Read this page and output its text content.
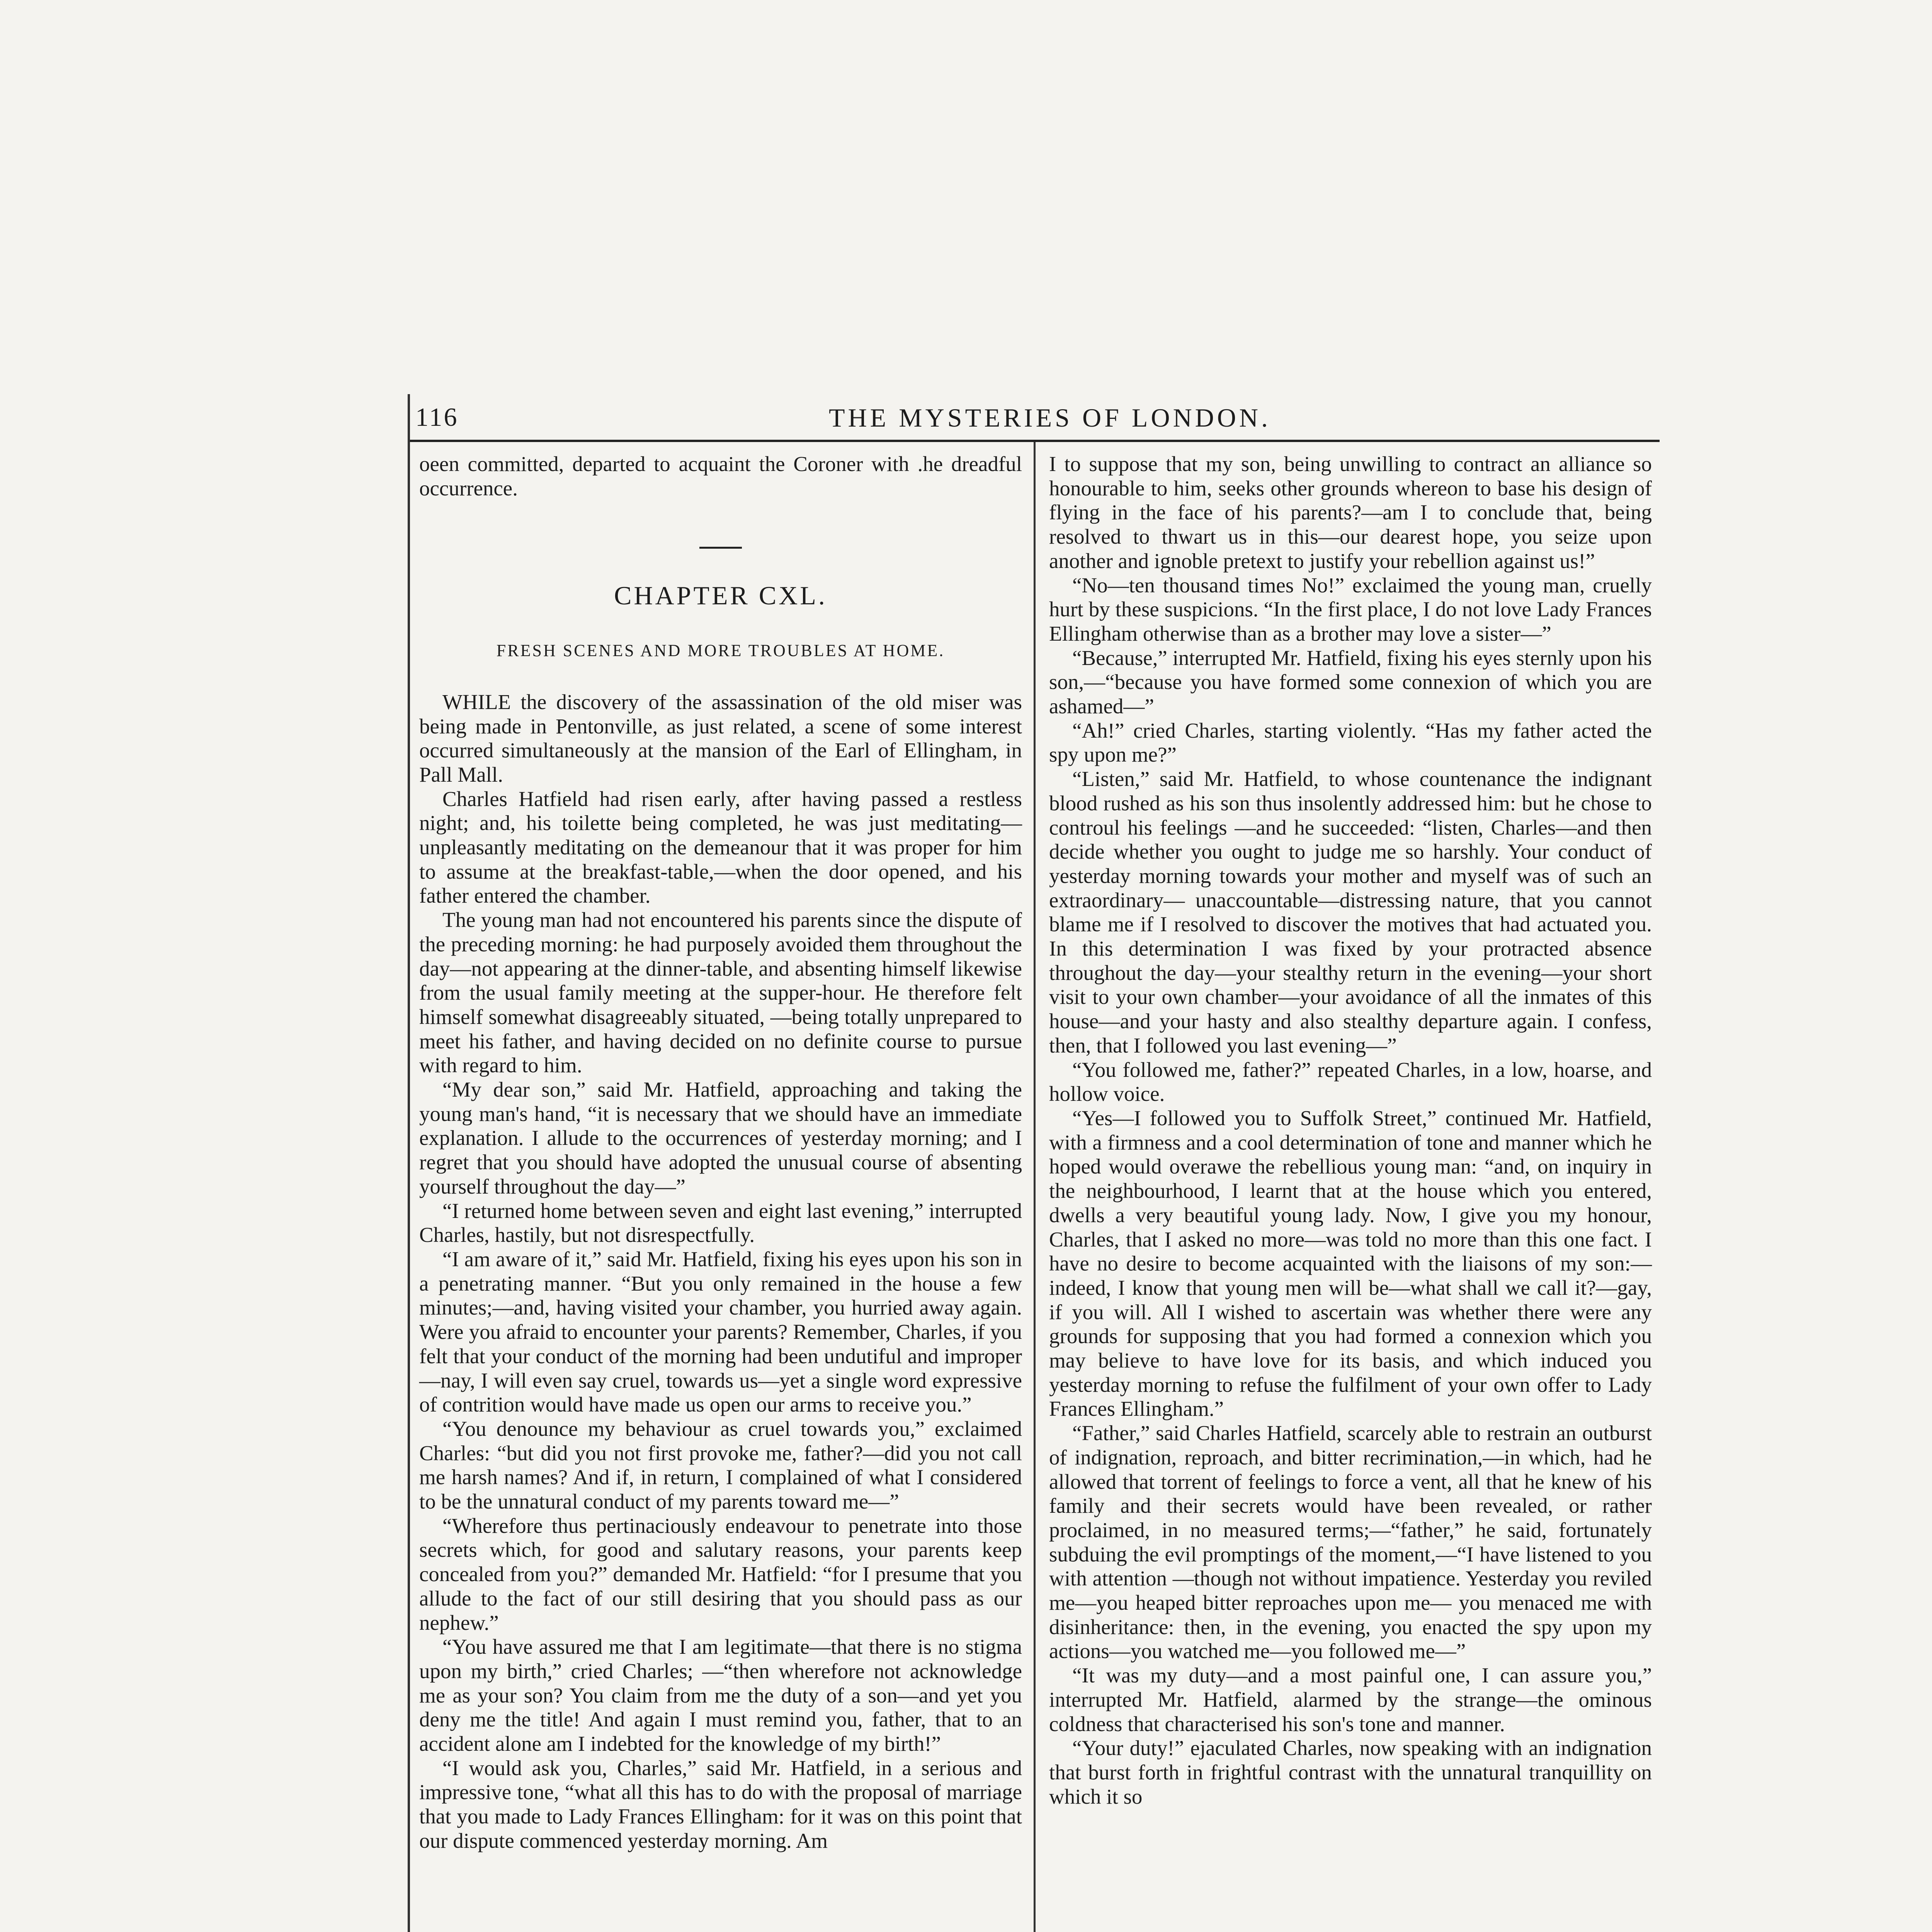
116	THE MYSTERIES OF LONDON.

oeen committed, departed to acquaint the Coroner with .he dreadful occurrence.

CHAPTER CXL.
FRESH SCENES AND MORE TROUBLES AT HOME.

WHILE the discovery of the assassination of the old miser was being made in Pentonville, as just related, a scene of some interest occurred simultaneously at the mansion of the Earl of Ellingham, in Pall Mall.

Charles Hatfield had risen early, after having passed a restless night; and, his toilette being completed, he was just meditating—unpleasantly meditating on the demeanour that it was proper for him to assume at the breakfast-table,—when the door opened, and his father entered the chamber.

The young man had not encountered his parents since the dispute of the preceding morning: he had purposely avoided them throughout the day—not appearing at the dinner-table, and absenting himself likewise from the usual family meeting at the supper-hour. He therefore felt himself somewhat disagreeably situated, —being totally unprepared to meet his father, and having decided on no definite course to pursue with regard to him.

“My dear son,” said Mr. Hatfield, approaching and taking the young man's hand, “it is necessary that we should have an immediate explanation. I allude to the occurrences of yesterday morning; and I regret that you should have adopted the unusual course of absenting yourself throughout the day—”

“I returned home between seven and eight last evening,” interrupted Charles, hastily, but not disrespectfully.

“I am aware of it,” said Mr. Hatfield, fixing his eyes upon his son in a penetrating manner. “But you only remained in the house a few minutes;—and, having visited your chamber, you hurried away again. Were you afraid to encounter your parents? Remember, Charles, if you felt that your conduct of the morning had been undutiful and improper—nay, I will even say cruel, towards us—yet a single word expressive of contrition would have made us open our arms to receive you.”

“You denounce my behaviour as cruel towards you,” exclaimed Charles: “but did you not first provoke me, father?—did you not call me harsh names? And if, in return, I complained of what I considered to be the unnatural conduct of my parents toward me—”

“Wherefore thus pertinaciously endeavour to penetrate into those secrets which, for good and salutary reasons, your parents keep concealed from you?” demanded Mr. Hatfield: “for I presume that you allude to the fact of our still desiring that you should pass as our nephew.”

“You have assured me that I am legitimate—that there is no stigma upon my birth,” cried Charles; —“then wherefore not acknowledge me as your son? You claim from me the duty of a son—and yet you deny me the title! And again I must remind you, father, that to an accident alone am I indebted for the knowledge of my birth!”

“I would ask you, Charles,” said Mr. Hatfield, in a serious and impressive tone, “what all this has to do with the proposal of marriage that you made to Lady Frances Ellingham: for it was on this point that our dispute commenced yesterday morning. Am

I to suppose that my son, being unwilling to contract an alliance so honourable to him, seeks other grounds whereon to base his design of flying in the face of his parents?—am I to conclude that, being resolved to thwart us in this—our dearest hope, you seize upon another and ignoble pretext to justify your rebellion against us!”

“No—ten thousand times No!” exclaimed the young man, cruelly hurt by these suspicions. “In the first place, I do not love Lady Frances Ellingham otherwise than as a brother may love a sister—”

“Because,” interrupted Mr. Hatfield, fixing his eyes sternly upon his son,—“because you have formed some connexion of which you are ashamed—”

“Ah!” cried Charles, starting violently. “Has my father acted the spy upon me?”

“Listen,” said Mr. Hatfield, to whose countenance the indignant blood rushed as his son thus insolently addressed him: but he chose to controul his feelings —and he succeeded: “listen, Charles—and then decide whether you ought to judge me so harshly. Your conduct of yesterday morning towards your mother and myself was of such an extraordinary— unaccountable—distressing nature, that you cannot blame me if I resolved to discover the motives that had actuated you. In this determination I was fixed by your protracted absence throughout the day—your stealthy return in the evening—your short visit to your own chamber—your avoidance of all the inmates of this house—and your hasty and also stealthy departure again. I confess, then, that I followed you last evening—”

“You followed me, father?” repeated Charles, in a low, hoarse, and hollow voice.

“Yes—I followed you to Suffolk Street,” continued Mr. Hatfield, with a firmness and a cool determination of tone and manner which he hoped would overawe the rebellious young man: “and, on inquiry in the neighbourhood, I learnt that at the house which you entered, dwells a very beautiful young lady. Now, I give you my honour, Charles, that I asked no more—was told no more than this one fact. I have no desire to become acquainted with the liaisons of my son:—indeed, I know that young men will be—what shall we call it?—gay, if you will. All I wished to ascertain was whether there were any grounds for supposing that you had formed a connexion which you may believe to have love for its basis, and which induced you yesterday morning to refuse the fulfilment of your own offer to Lady Frances Ellingham.”

“Father,” said Charles Hatfield, scarcely able to restrain an outburst of indignation, reproach, and bitter recrimination,—in which, had he allowed that torrent of feelings to force a vent, all that he knew of his family and their secrets would have been revealed, or rather proclaimed, in no measured terms;—“father,” he said, fortunately subduing the evil promptings of the moment,—“I have listened to you with attention —though not without impatience. Yesterday you reviled me—you heaped bitter reproaches upon me— you menaced me with disinheritance: then, in the evening, you enacted the spy upon my actions—you watched me—you followed me—”

“It was my duty—and a most painful one, I can assure you,” interrupted Mr. Hatfield, alarmed by the strange—the ominous coldness that characterised his son's tone and manner.

“Your duty!” ejaculated Charles, now speaking with an indignation that burst forth in frightful contrast with the unnatural tranquillity on which it so
